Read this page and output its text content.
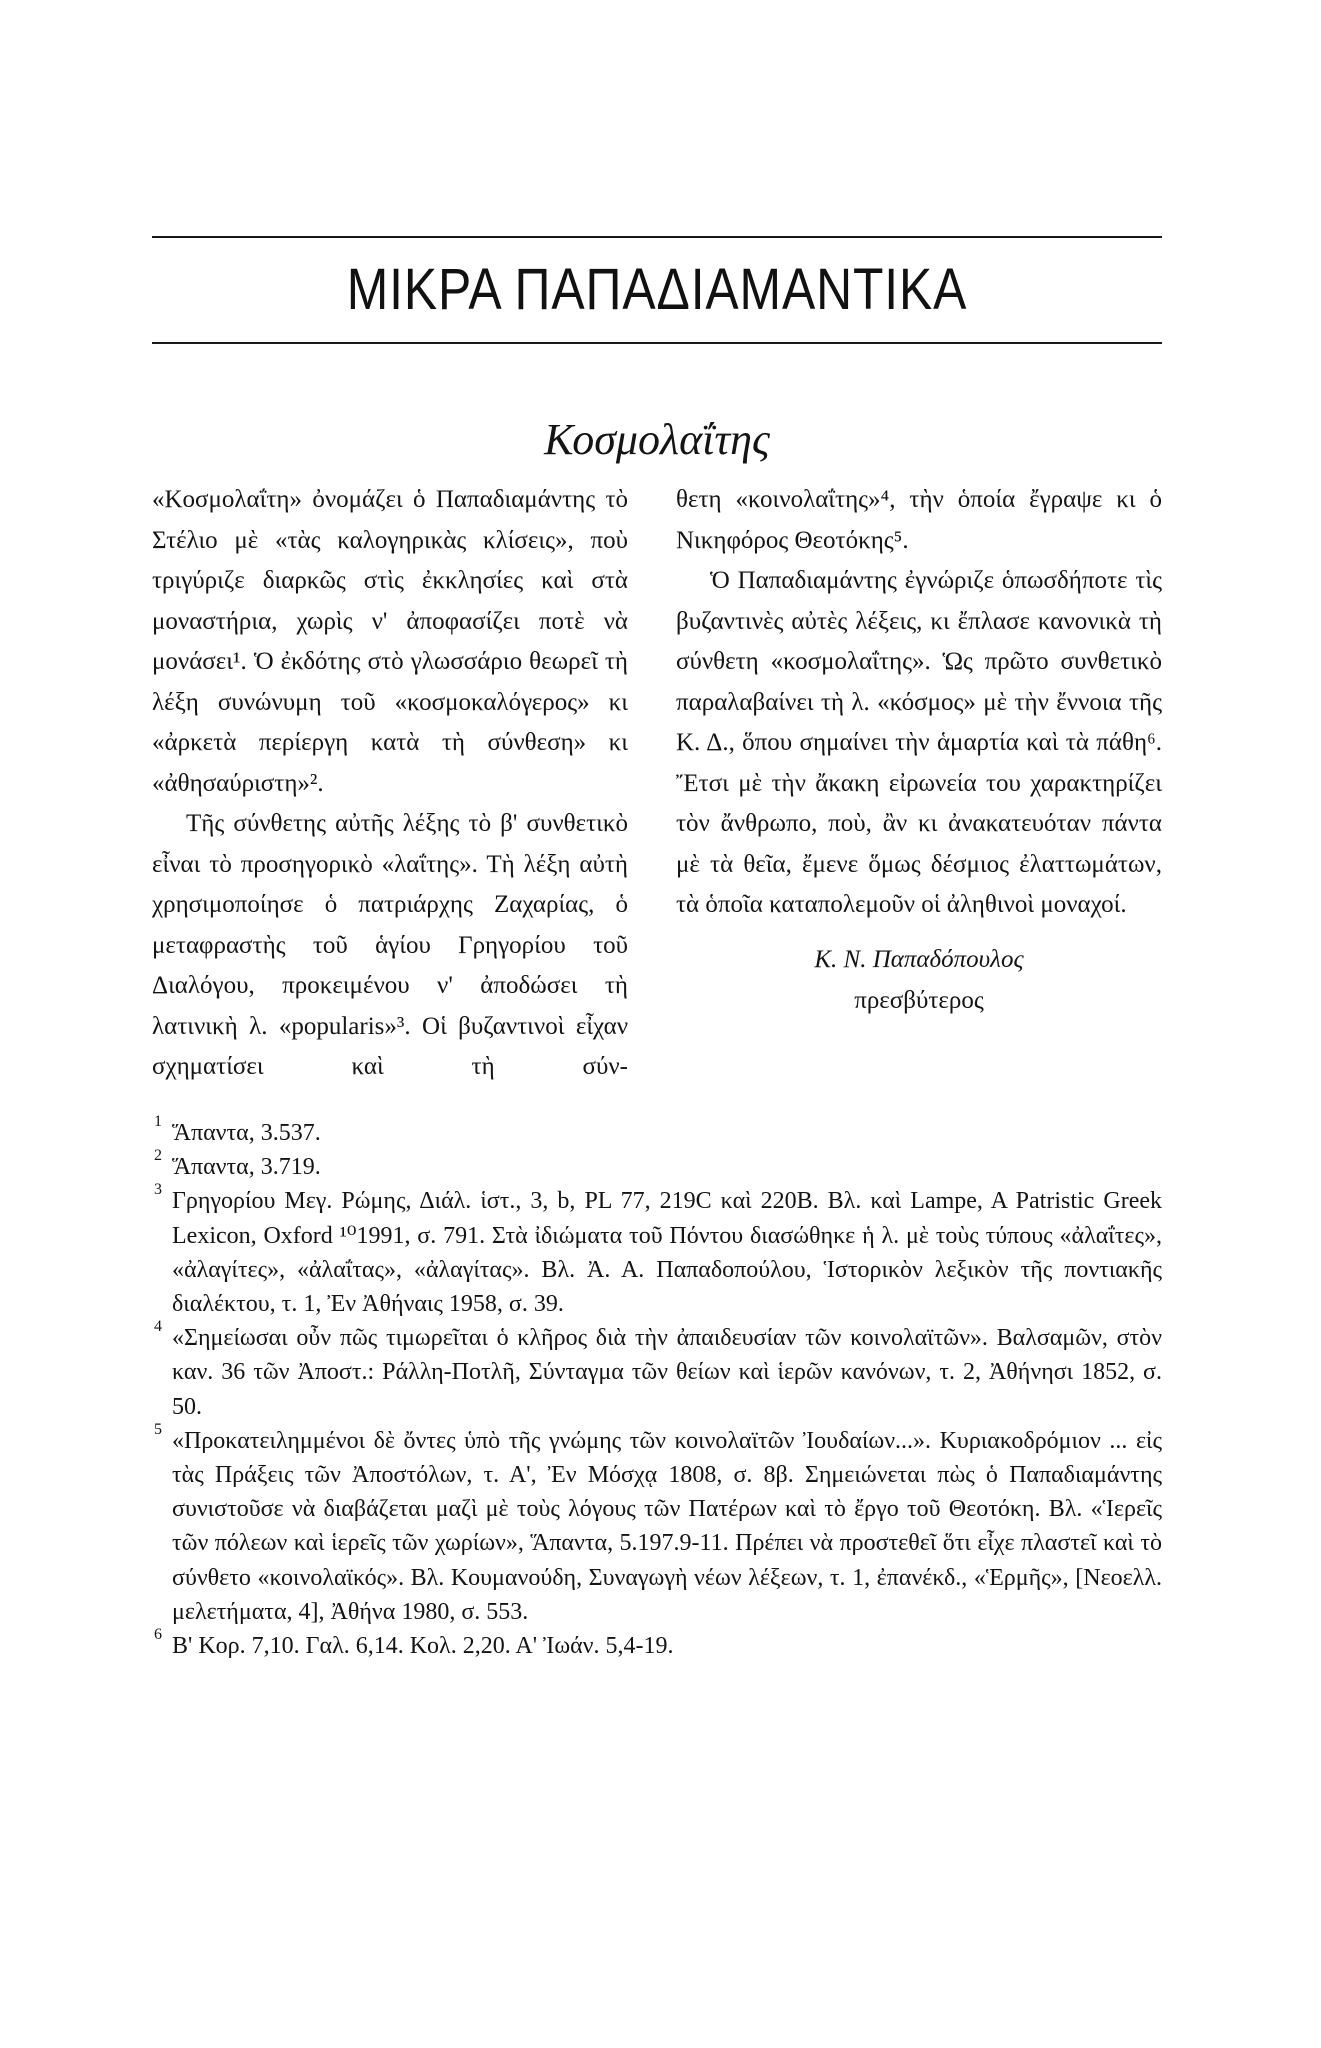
ΜΙΚΡΑ ΠΑΠΑΔΙΑΜΑΝΤΙΚΑ
Κοσμολαΐτης

«Κοσμολαΐτη» ὀνομάζει ὁ Παπαδιαμάντης τὸ Στέλιο μὲ «τὰς καλογηρικὰς κλίσεις», ποὺ τριγύριζε διαρκῶς στὶς ἐκκλησίες καὶ στὰ μοναστήρια, χωρὶς ν' ἀποφασίζει ποτὲ νὰ μονάσει¹. Ὁ ἐκδότης στὸ γλωσσάριο θεωρεῖ τὴ λέξη συνώνυμη τοῦ «κοσμοκαλόγερος» κι «ἀρκετὰ περίεργη κατὰ τὴ σύνθεση» κι «ἀθησαύριστη»².

Τῆς σύνθετης αὐτῆς λέξης τὸ β' συνθετικὸ εἶναι τὸ προσηγορικὸ «λαΐτης». Τὴ λέξη αὐτὴ χρησιμοποίησε ὁ πατριάρχης Ζαχαρίας, ὁ μεταφραστὴς τοῦ ἁγίου Γρηγορίου τοῦ Διαλόγου, προκειμένου ν' ἀποδώσει τὴ λατινικὴ λ. «popularis»³. Οἱ βυζαντινοὶ εἶχαν σχηματίσει καὶ τὴ σύν-

θετη «κοινολαΐτης»⁴, τὴν ὁποία ἔγραψε κι ὁ Νικηφόρος Θεοτόκης⁵.

Ὁ Παπαδιαμάντης ἐγνώριζε ὁπωσδήποτε τὶς βυζαντινὲς αὐτὲς λέξεις, κι ἔπλασε κανονικὰ τὴ σύνθετη «κοσμολαΐτης». Ὡς πρῶτο συνθετικὸ παραλαβαίνει τὴ λ. «κόσμος» μὲ τὴν ἔννοια τῆς Κ. Δ., ὅπου σημαίνει τὴν ἁμαρτία καὶ τὰ πάθη⁶. Ἔτσι μὲ τὴν ἄκακη εἰρωνεία του χαρακτηρίζει τὸν ἄνθρωπο, ποὺ, ἂν κι ἀνακατευόταν πάντα μὲ τὰ θεῖα, ἔμενε ὅμως δέσμιος ἐλαττωμάτων, τὰ ὁποῖα καταπολεμοῦν οἱ ἀληθινοὶ μοναχοί.

Κ. Ν. Παπαδόπουλος
πρεσβύτερος
1 Ἅπαντα, 3.537.
2 Ἅπαντα, 3.719.
3 Γρηγορίου Μεγ. Ρώμης, Διάλ. ἱστ., 3, b, PL 77, 219C καὶ 220B. Βλ. καὶ Lampe, A Patristic Greek Lexicon, Oxford ¹⁰1991, σ. 791. Στὰ ἰδιώματα τοῦ Πόντου διασώθηκε ἡ λ. μὲ τοὺς τύπους «ἀλαΐτες», «ἀλαγίτες», «ἀλαΐτας», «ἀλαγίτας». Βλ. Ἀ. Α. Παπαδοπούλου, Ἱστορικὸν λεξικὸν τῆς ποντιακῆς διαλέκτου, τ. 1, Ἐν Ἀθήναις 1958, σ. 39.
4 «Σημείωσαι οὖν πῶς τιμωρεῖται ὁ κλῆρος διὰ τὴν ἀπαιδευσίαν τῶν κοινολαϊτῶν». Βαλσαμῶν, στὸν καν. 36 τῶν Ἀποστ.: Ράλλη-Ποτλῆ, Σύνταγμα τῶν θείων καὶ ἱερῶν κανόνων, τ. 2, Ἀθήνησι 1852, σ. 50.
5 «Προκατειλημμένοι δὲ ὄντες ὑπὸ τῆς γνώμης τῶν κοινολαϊτῶν Ἰουδαίων...». Κυριακοδρόμιον ... εἰς τὰς Πράξεις τῶν Ἀποστόλων, τ. Α', Ἐν Μόσχᾳ 1808, σ. 8β. Σημειώνεται πὼς ὁ Παπαδιαμάντης συνιστοῦσε νὰ διαβάζεται μαζὶ μὲ τοὺς λόγους τῶν Πατέρων καὶ τὸ ἔργο τοῦ Θεοτόκη. Βλ. «Ἱερεῖς τῶν πόλεων καὶ ἱερεῖς τῶν χωρίων», Ἅπαντα, 5.197.9-11. Πρέπει νὰ προστεθεῖ ὅτι εἶχε πλαστεῖ καὶ τὸ σύνθετο «κοινολαϊκός». Βλ. Κουμανούδη, Συναγωγὴ νέων λέξεων, τ. 1, ἐπανέκδ., «Ἑρμῆς», [Νεοελλ. μελετήματα, 4], Ἀθήνα 1980, σ. 553.
6 Β' Κορ. 7,10. Γαλ. 6,14. Κολ. 2,20. Α' Ἰωάν. 5,4-19.
